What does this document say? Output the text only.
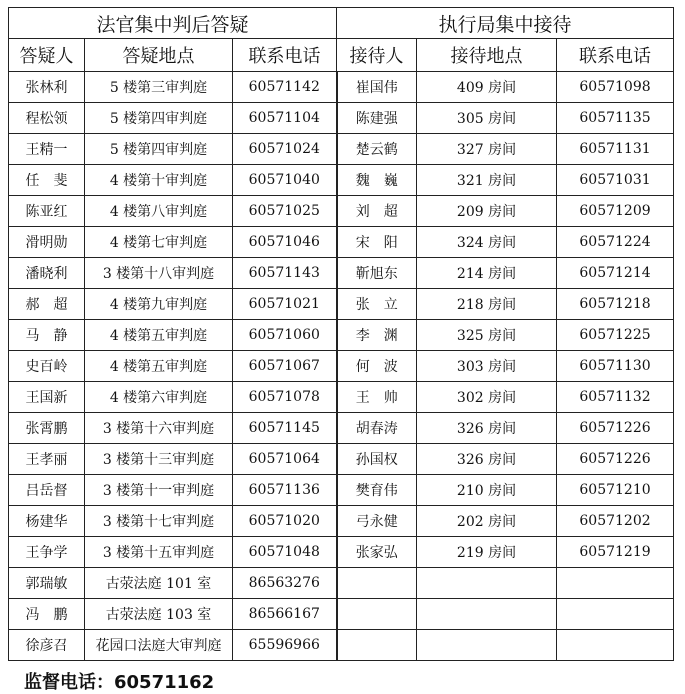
法官集中判后答疑			执行局集中接待		
答疑人	答疑地点	联系电话	接待人	接待地点	联系电话
张林利	5 楼第三审判庭	60571142	崔国伟	409 房间	60571098
程松领	5 楼第四审判庭	60571104	陈建强	305 房间	60571135
王精一	5 楼第四审判庭	60571024	楚云鹤	327 房间	60571131
任　斐	4 楼第十审判庭	60571040	魏　巍	321 房间	60571031
陈亚红	4 楼第八审判庭	60571025	刘　超	209 房间	60571209
滑明勋	4 楼第七审判庭	60571046	宋　阳	324 房间	60571224
潘晓利	3 楼第十八审判庭	60571143	靳旭东	214 房间	60571214
郝　超	4 楼第九审判庭	60571021	张　立	218 房间	60571218
马　静	4 楼第五审判庭	60571060	李　渊	325 房间	60571225
史百岭	4 楼第五审判庭	60571067	何　波	303 房间	60571130
王国新	4 楼第六审判庭	60571078	王　帅	302 房间	60571132
张霄鹏	3 楼第十六审判庭	60571145	胡春涛	326 房间	60571226
王孝丽	3 楼第十三审判庭	60571064	孙国权	326 房间	60571226
吕岳督	3 楼第十一审判庭	60571136	樊育伟	210 房间	60571210
杨建华	3 楼第十七审判庭	60571020	弓永健	202 房间	60571202
王争学	3 楼第十五审判庭	60571048	张家弘	219 房间	60571219
郭瑞敏	古荥法庭 101 室	86563276			
冯　鹏	古荥法庭 103 室	86566167			
徐彦召	花园口法庭大审判庭	65596966			
监督电话：60571162
